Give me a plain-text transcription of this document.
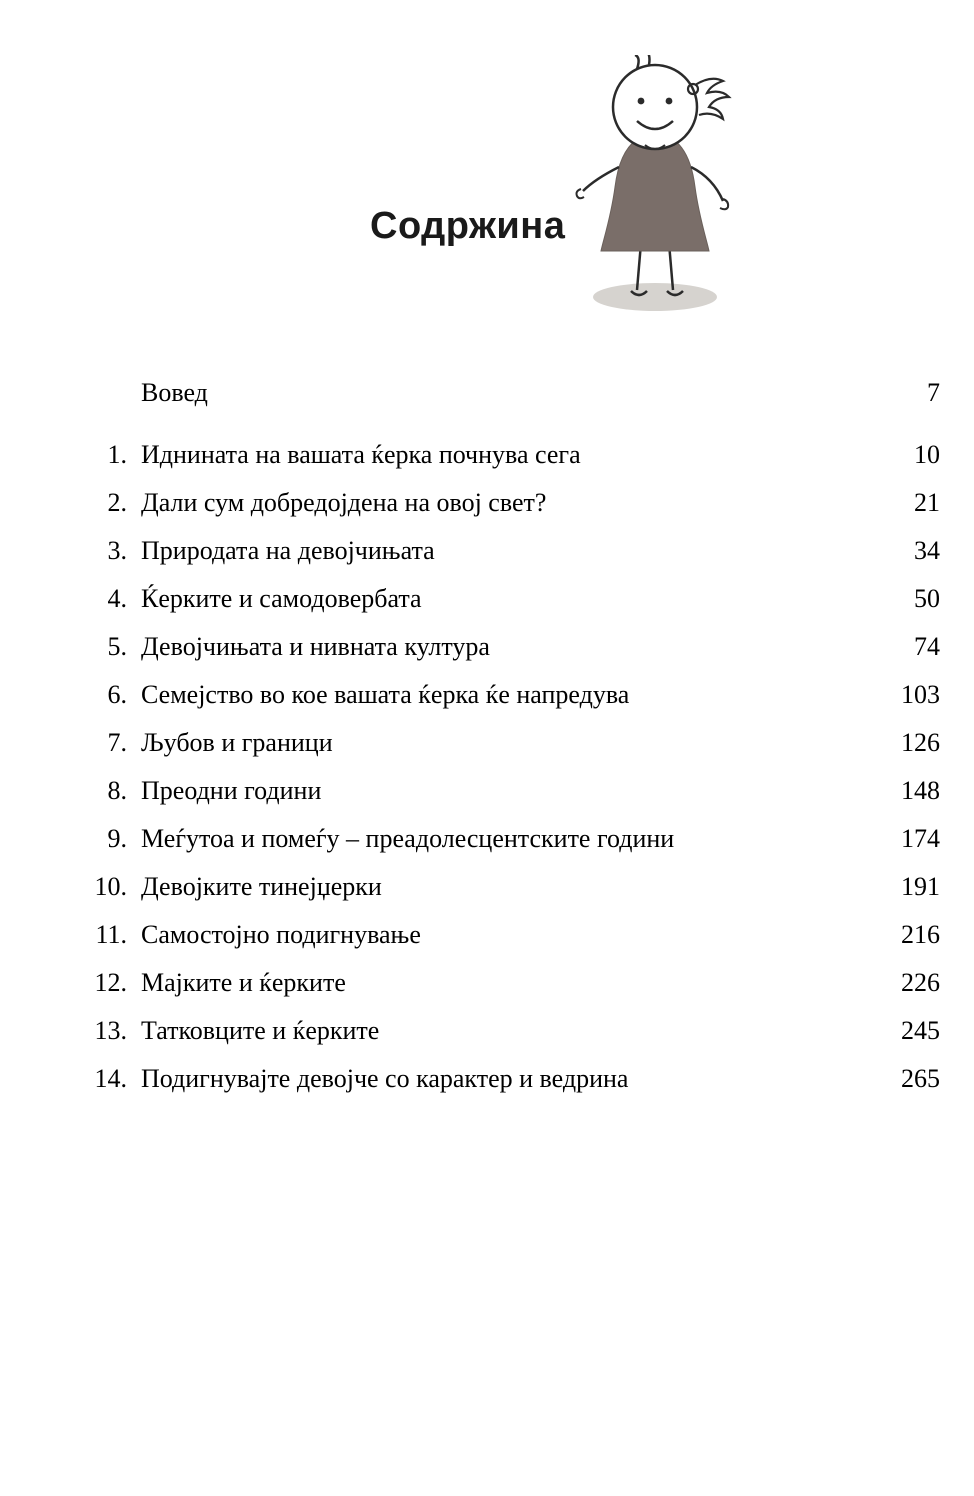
Содржина
Вовед	7
1. Иднината на вашата ќерка почнува сега	10
2. Дали сум добредојдена на овој свет?	21
3. Природата на девојчињата	34
4. Ќерките и самодовербата	50
5. Девојчињата и нивната култура	74
6. Семејство во кое вашата ќерка ќе напредува	103
7. Љубов и граници	126
8. Преодни години	148
9. Меѓутоа и помеѓу – преадолесцентските години	174
10. Девојките тинејџерки	191
11. Самостојно подигнување	216
12. Мајките и ќерките	226
13. Татковците и ќерките	245
14. Подигнувајте девојче со карактер и ведрина	265
